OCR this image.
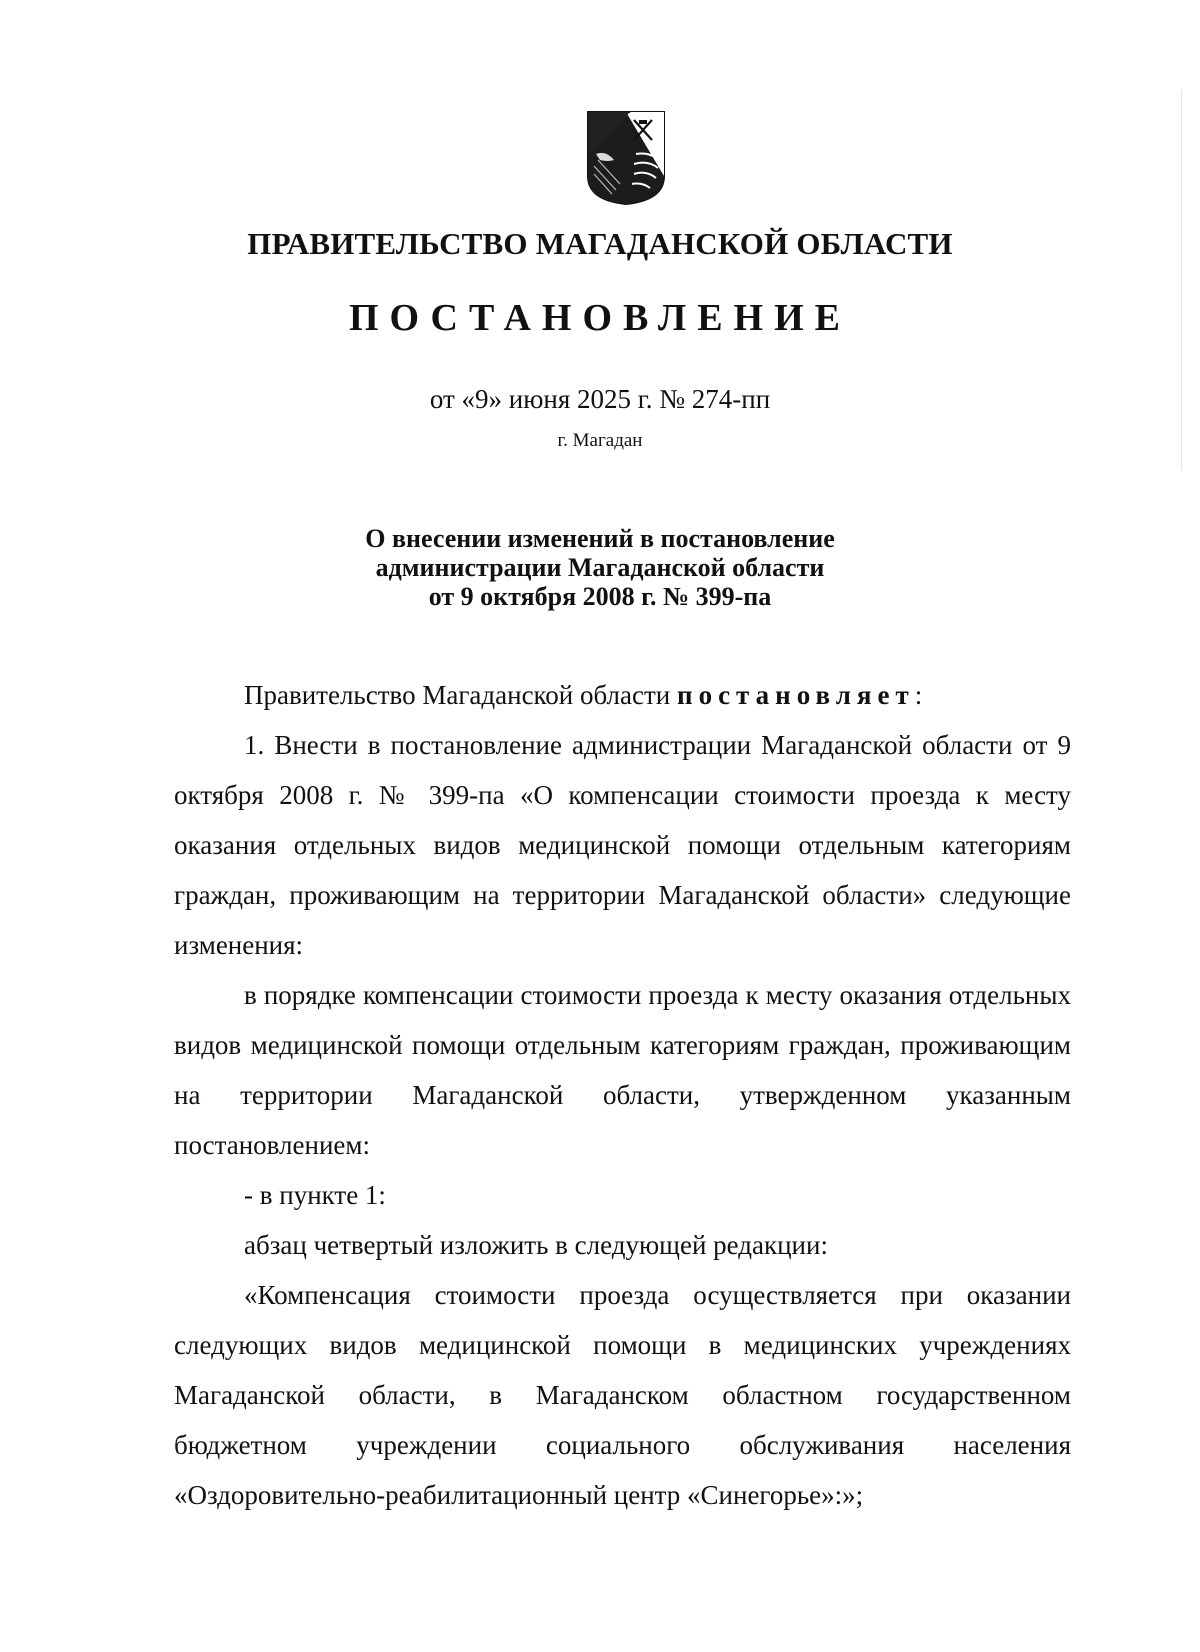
ПРАВИТЕЛЬСТВО МАГАДАНСКОЙ ОБЛАСТИ
ПОСТАНОВЛЕНИЕ
от «9» июня 2025 г. № 274-пп
г. Магадан
О внесении изменений в постановление
администрации Магаданской области
от 9 октября 2008 г. № 399-па

Правительство Магаданской области постановляет:

1. Внести в постановление администрации Магаданской области от 9 октября 2008 г. № 399-па «О компенсации стоимости проезда к месту оказания отдельных видов медицинской помощи отдельным категориям граждан, проживающим на территории Магаданской области» следующие изменения:

в порядке компенсации стоимости проезда к месту оказания отдельных видов медицинской помощи отдельным категориям граждан, проживающим на территории Магаданской области, утвержденном указанным постановлением:

- в пункте 1:

абзац четвертый изложить в следующей редакции:

«Компенсация стоимости проезда осуществляется при оказании следующих видов медицинской помощи в медицинских учреждениях Магаданской области, в Магаданском областном государственном бюджетном учреждении социального обслуживания населения «Оздоровительно-реабилитационный центр «Синегорье»:»;
